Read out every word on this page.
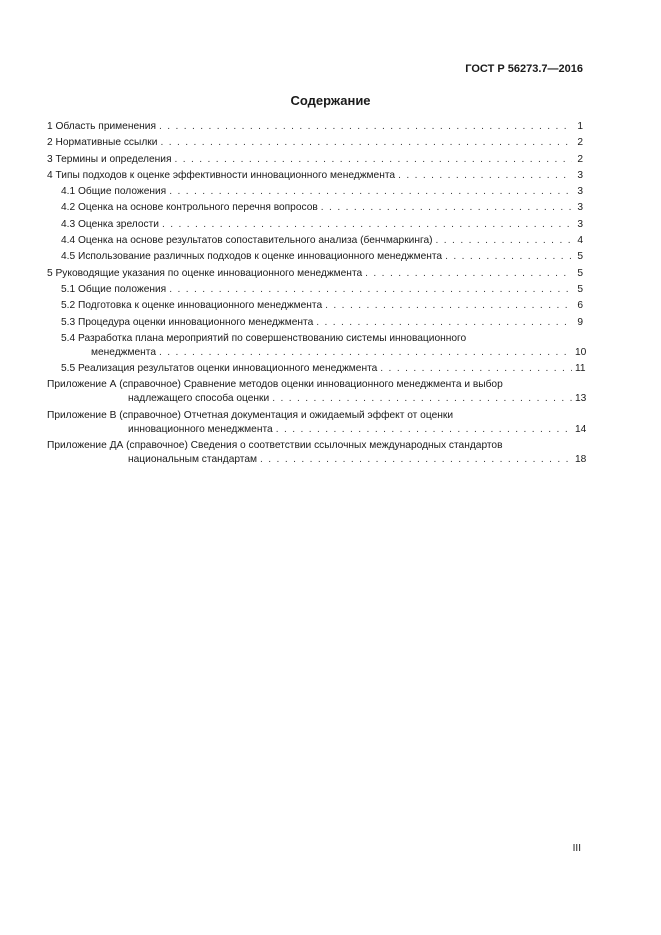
ГОСТ Р 56273.7—2016
Содержание
1 Область применения . . .	1
2 Нормативные ссылки . . .	2
3 Термины и определения . . .	2
4 Типы подходов к оценке эффективности инновационного менеджмента . . .	3
4.1 Общие положения . . .	3
4.2 Оценка на основе контрольного перечня вопросов . . .	3
4.3 Оценка зрелости . . .	3
4.4 Оценка на основе результатов сопоставительного анализа (бенчмаркинга) . . .	4
4.5 Использование различных подходов к оценке инновационного менеджмента . . .	5
5 Руководящие указания по оценке инновационного менеджмента . . .	5
5.1 Общие положения . . .	5
5.2 Подготовка к оценке инновационного менеджмента . . .	6
5.3 Процедура оценки инновационного менеджмента . . .	9
5.4 Разработка плана мероприятий по совершенствованию системы инновационного
менеджмента . . .	10
5.5 Реализация результатов оценки инновационного менеджмента . . .	11
Приложение А (справочное) Сравнение методов оценки инновационного менеджмента и выбор
надлежащего способа оценки . . .	13
Приложение В (справочное) Отчетная документация и ожидаемый эффект от оценки
инновационного менеджмента . . .	14
Приложение ДА (справочное) Сведения о соответствии ссылочных международных стандартов
национальным стандартам . . .	18
III
